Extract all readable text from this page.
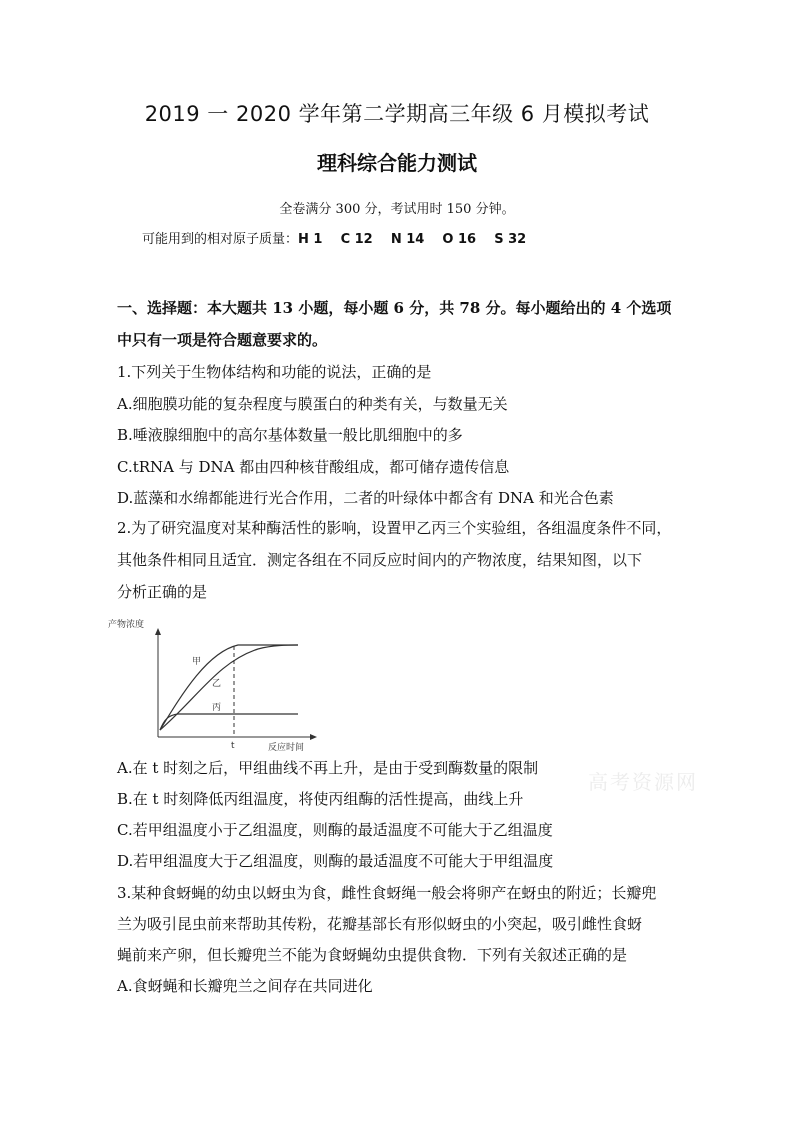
2019 一 2020 学年第二学期高三年级 6 月模拟考试
理科综合能力测试
全卷满分 300 分，考试用时 150 分钟。
可能用到的相对原子质量：H 1    C 12    N 14    O 16    S 32
一、选择题：本大题共 13 小题，每小题 6 分，共 78 分。每小题给出的 4 个选项
中只有一项是符合题意要求的。
1.下列关于生物体结构和功能的说法，正确的是
A.细胞膜功能的复杂程度与膜蛋白的种类有关，与数量无关
B.唾液腺细胞中的高尔基体数量一般比肌细胞中的多
C.tRNA 与 DNA 都由四种核苷酸组成，都可储存遗传信息
D.蓝藻和水绵都能进行光合作用，二者的叶绿体中都含有 DNA 和光合色素
2.为了研究温度对某种酶活性的影响，设置甲乙丙三个实验组，各组温度条件不同，
其他条件相同且适宜．测定各组在不同反应时间内的产物浓度，结果知图，以下
分析正确的是
产物浓度
反应时间
t
甲
乙
丙
A.在 t 时刻之后，甲组曲线不再上升，是由于受到酶数量的限制
B.在 t 时刻降低丙组温度，将使丙组酶的活性提高，曲线上升
C.若甲组温度小于乙组温度，则酶的最适温度不可能大于乙组温度
D.若甲组温度大于乙组温度，则酶的最适温度不可能大于甲组温度
3.某种食蚜蝇的幼虫以蚜虫为食，雌性食蚜绳一般会将卵产在蚜虫的附近；长瓣兜
兰为吸引昆虫前来帮助其传粉，花瓣基部长有形似蚜虫的小突起，吸引雌性食蚜
蝇前来产卵，但长瓣兜兰不能为食蚜蝇幼虫提供食物．下列有关叙述正确的是
A.食蚜蝇和长瓣兜兰之间存在共同进化
高考资源网
